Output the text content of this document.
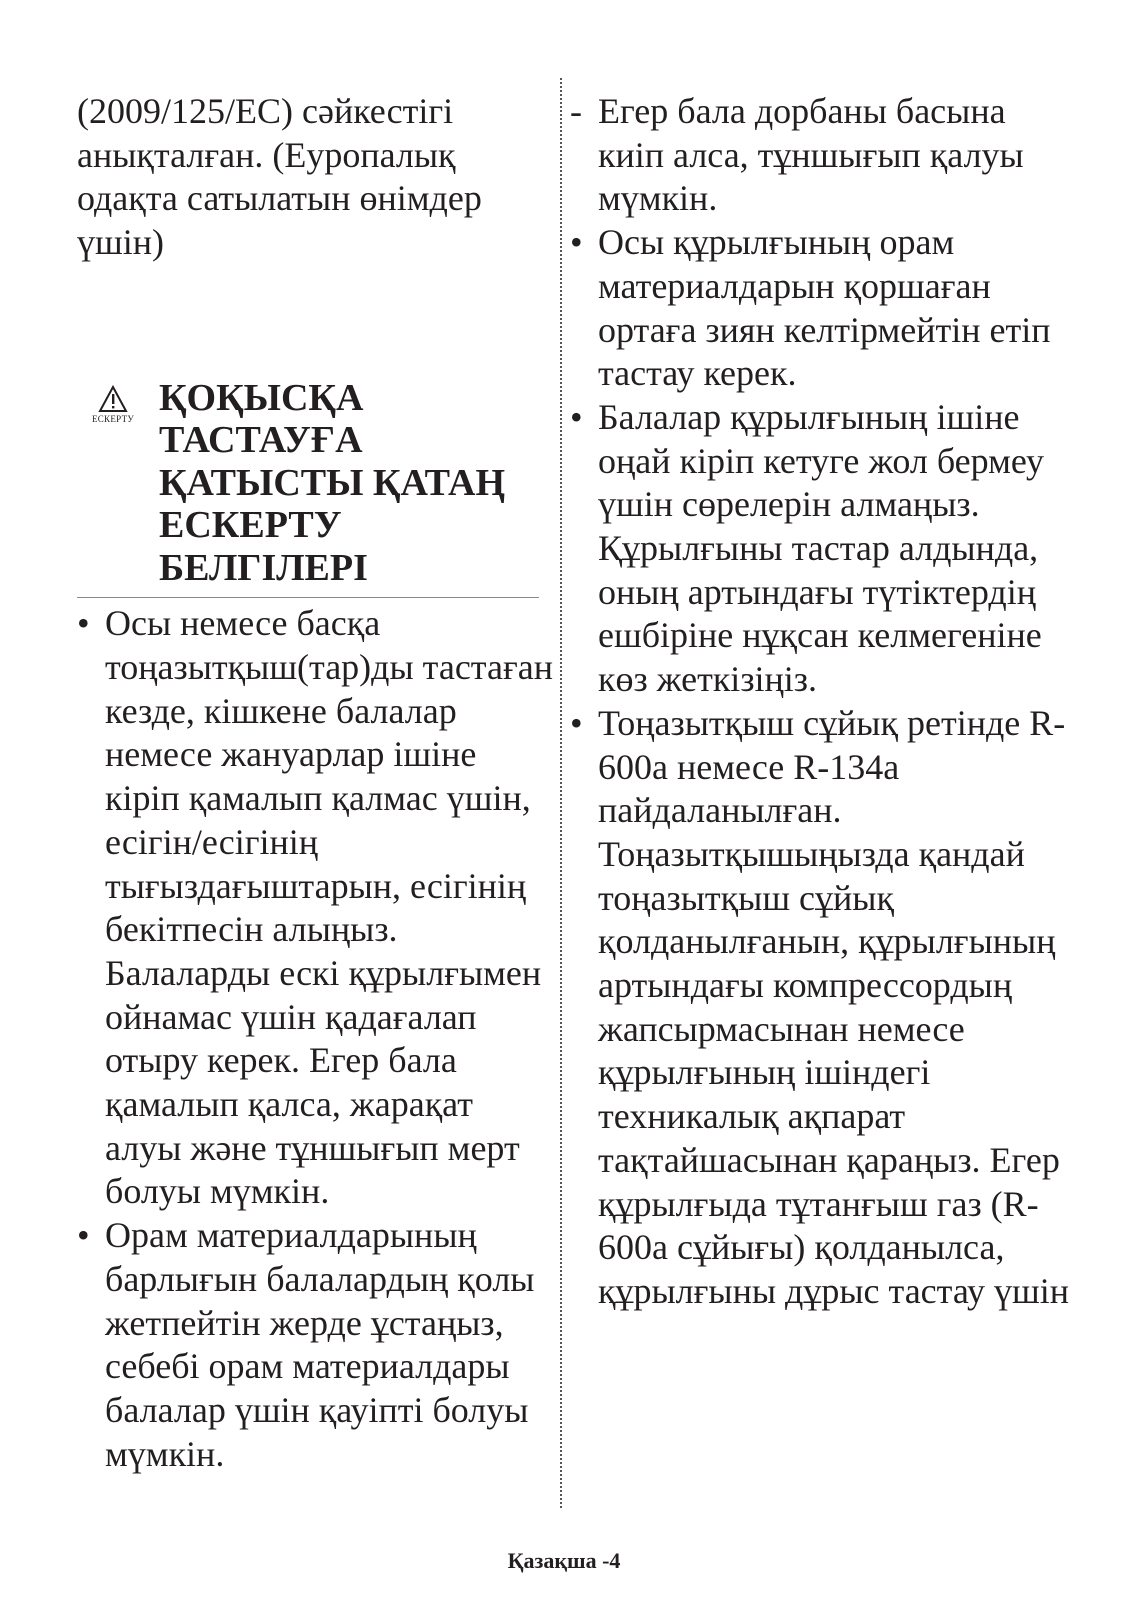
(2009/125/EC) сәйкестігі анықталған. (Еуропалық одақта сатылатын өнімдер үшін)

ЕСКЕРТУ ҚОҚЫСҚА ТАСТАУҒА ҚАТЫСТЫ ҚАТАҢ ЕСКЕРТУ БЕЛГІЛЕРІ
• Осы немесе басқа тоңазытқыш(тар)ды тастаған кезде, кішкене балалар немесе жануарлар ішіне кіріп қамалып қалмас үшін, есігін/есігінің тығыздағыштарын, есігінің бекітпесін алыңыз. Балаларды ескі құрылғымен ойнамас үшін қадағалап отыру керек. Егер бала қамалып қалса, жарақат алуы және тұншығып мерт болуы мүмкін.
• Орам материалдарының барлығын балалардың қолы жетпейтін жерде ұстаңыз, себебі орам материалдары балалар үшін қауіпті болуы мүмкін.
- Егер бала дорбаны басына киіп алса, тұншығып қалуы мүмкін.
• Осы құрылғының орам материалдарын қоршаған ортаға зиян келтірмейтін етіп тастау керек.
• Балалар құрылғының ішіне оңай кіріп кетуге жол бермеу үшін сөрелерін алмаңыз.

Құрылғыны тастар алдында, оның артындағы түтіктердің ешбіріне нұқсан келмегеніне көз жеткізіңіз.

• Тоңазытқыш сұйық ретінде R-600a немесе R-134a пайдаланылған. Тоңазытқышыңызда қандай тоңазытқыш сұйық қолданылғанын, құрылғының артындағы компрессордың жапсырмасынан немесе құрылғының ішіндегі техникалық ақпарат тақтайшасынан қараңыз. Егер құрылғыда тұтанғыш газ (R-600a сұйығы) қолданылса, құрылғыны дұрыс тастау үшін
Қазақша -4
